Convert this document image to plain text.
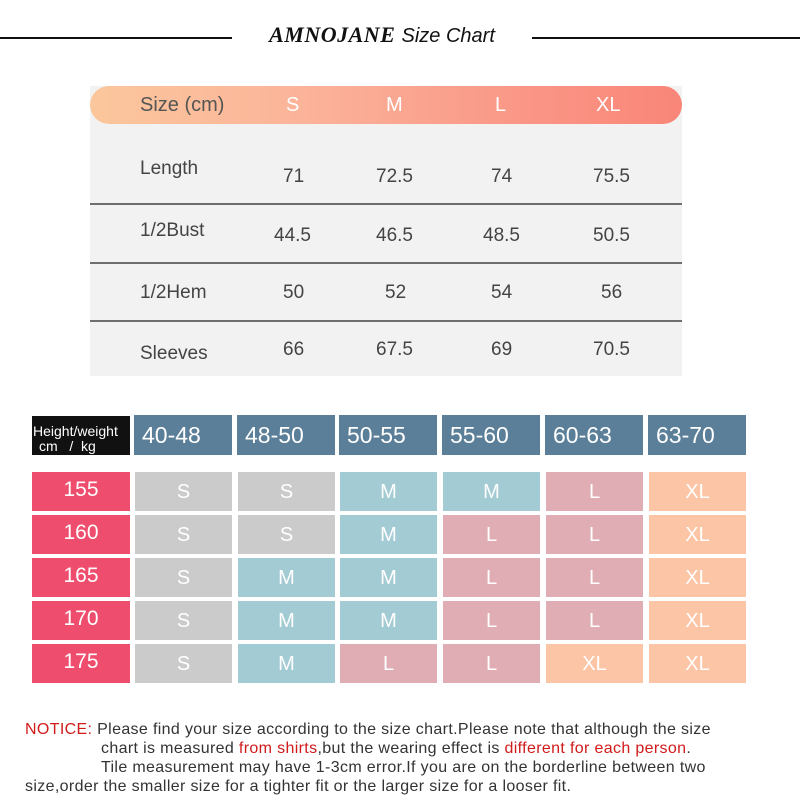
AMNOJANE Size Chart
Size (cm)	S	M	L	XL
Length	71	72.5	74	75.5
1/2Bust	44.5	46.5	48.5	50.5
1/2Hem	50	52	54	56
Sleeves	66	67.5	69	70.5
Height/weight
cm   /  kg	40-48	48-50	50-55	55-60	60-63	63-70
155	S	S	M	M	L	XL
160	S	S	M	L	L	XL
165	S	M	M	L	L	XL
170	S	M	M	L	L	XL
175	S	M	L	L	XL	XL
NOTICE: Please find your size according to the size chart.Please note that although the size
chart is measured from shirts,but the wearing effect is different for each person.
Tile measurement may have 1-3cm error.If you are on the borderline between two
size,order the smaller size for a tighter fit or the larger size for a looser fit.
